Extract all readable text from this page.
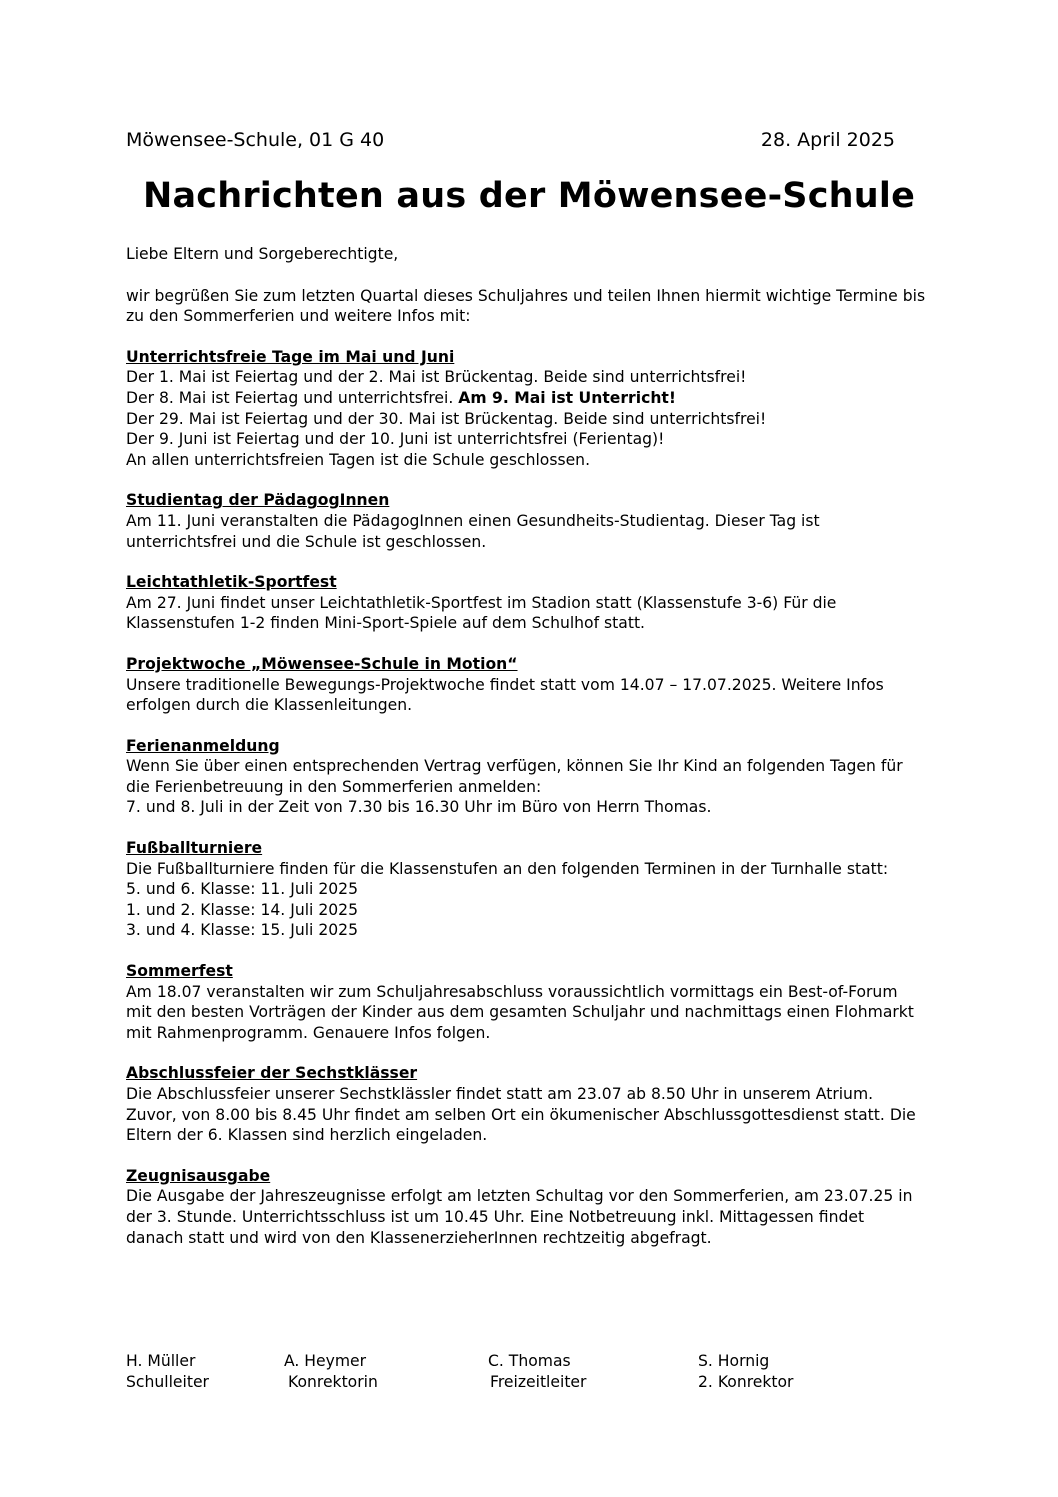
Möwensee-Schule, 01 G 40	28. April 2025
Nachrichten aus der Möwensee-Schule

Liebe Eltern und Sorgeberechtigte,

wir begrüßen Sie zum letzten Quartal dieses Schuljahres und teilen Ihnen hiermit wichtige Termine bis zu den Sommerferien und weitere Infos mit:

Unterrichtsfreie Tage im Mai und Juni
Der 1. Mai ist Feiertag und der 2. Mai ist Brückentag. Beide sind unterrichtsfrei!
Der 8. Mai ist Feiertag und unterrichtsfrei. Am 9. Mai ist Unterricht!
Der 29. Mai ist Feiertag und der 30. Mai ist Brückentag. Beide sind unterrichtsfrei!
Der 9. Juni ist Feiertag und der 10. Juni ist unterrichtsfrei (Ferientag)!
An allen unterrichtsfreien Tagen ist die Schule geschlossen.
Studientag der PädagogInnen
Am 11. Juni veranstalten die PädagogInnen einen Gesundheits-Studientag. Dieser Tag ist unterrichtsfrei und die Schule ist geschlossen.
Leichtathletik-Sportfest
Am 27. Juni findet unser Leichtathletik-Sportfest im Stadion statt (Klassenstufe 3-6) Für die Klassenstufen 1-2 finden Mini-Sport-Spiele auf dem Schulhof statt.
Projektwoche „Möwensee-Schule in Motion“
Unsere traditionelle Bewegungs-Projektwoche findet statt vom 14.07 – 17.07.2025. Weitere Infos erfolgen durch die Klassenleitungen.
Ferienanmeldung
Wenn Sie über einen entsprechenden Vertrag verfügen, können Sie Ihr Kind an folgenden Tagen für die Ferienbetreuung in den Sommerferien anmelden:
7. und 8. Juli in der Zeit von 7.30 bis 16.30 Uhr im Büro von Herrn Thomas.
Fußballturniere
Die Fußballturniere finden für die Klassenstufen an den folgenden Terminen in der Turnhalle statt:
5. und 6. Klasse: 11. Juli 2025
1. und 2. Klasse: 14. Juli 2025
3. und 4. Klasse: 15. Juli 2025
Sommerfest
Am 18.07 veranstalten wir zum Schuljahresabschluss voraussichtlich vormittags ein Best-of-Forum mit den besten Vorträgen der Kinder aus dem gesamten Schuljahr und nachmittags einen Flohmarkt mit Rahmenprogramm. Genauere Infos folgen.
Abschlussfeier der Sechstklässer
Die Abschlussfeier unserer Sechstklässler findet statt am 23.07 ab 8.50 Uhr in unserem Atrium. Zuvor, von 8.00 bis 8.45 Uhr findet am selben Ort ein ökumenischer Abschlussgottesdienst statt. Die Eltern der 6. Klassen sind herzlich eingeladen.
Zeugnisausgabe
Die Ausgabe der Jahreszeugnisse erfolgt am letzten Schultag vor den Sommerferien, am 23.07.25 in der 3. Stunde. Unterrichtsschluss ist um 10.45 Uhr. Eine Notbetreuung inkl. Mittagessen findet danach statt und wird von den KlassenerzieherInnen rechtzeitig abgefragt.
H. Müller
Schulleiter
A. Heymer
Konrektorin
C. Thomas
Freizeitleiter
S. Hornig
2. Konrektor
